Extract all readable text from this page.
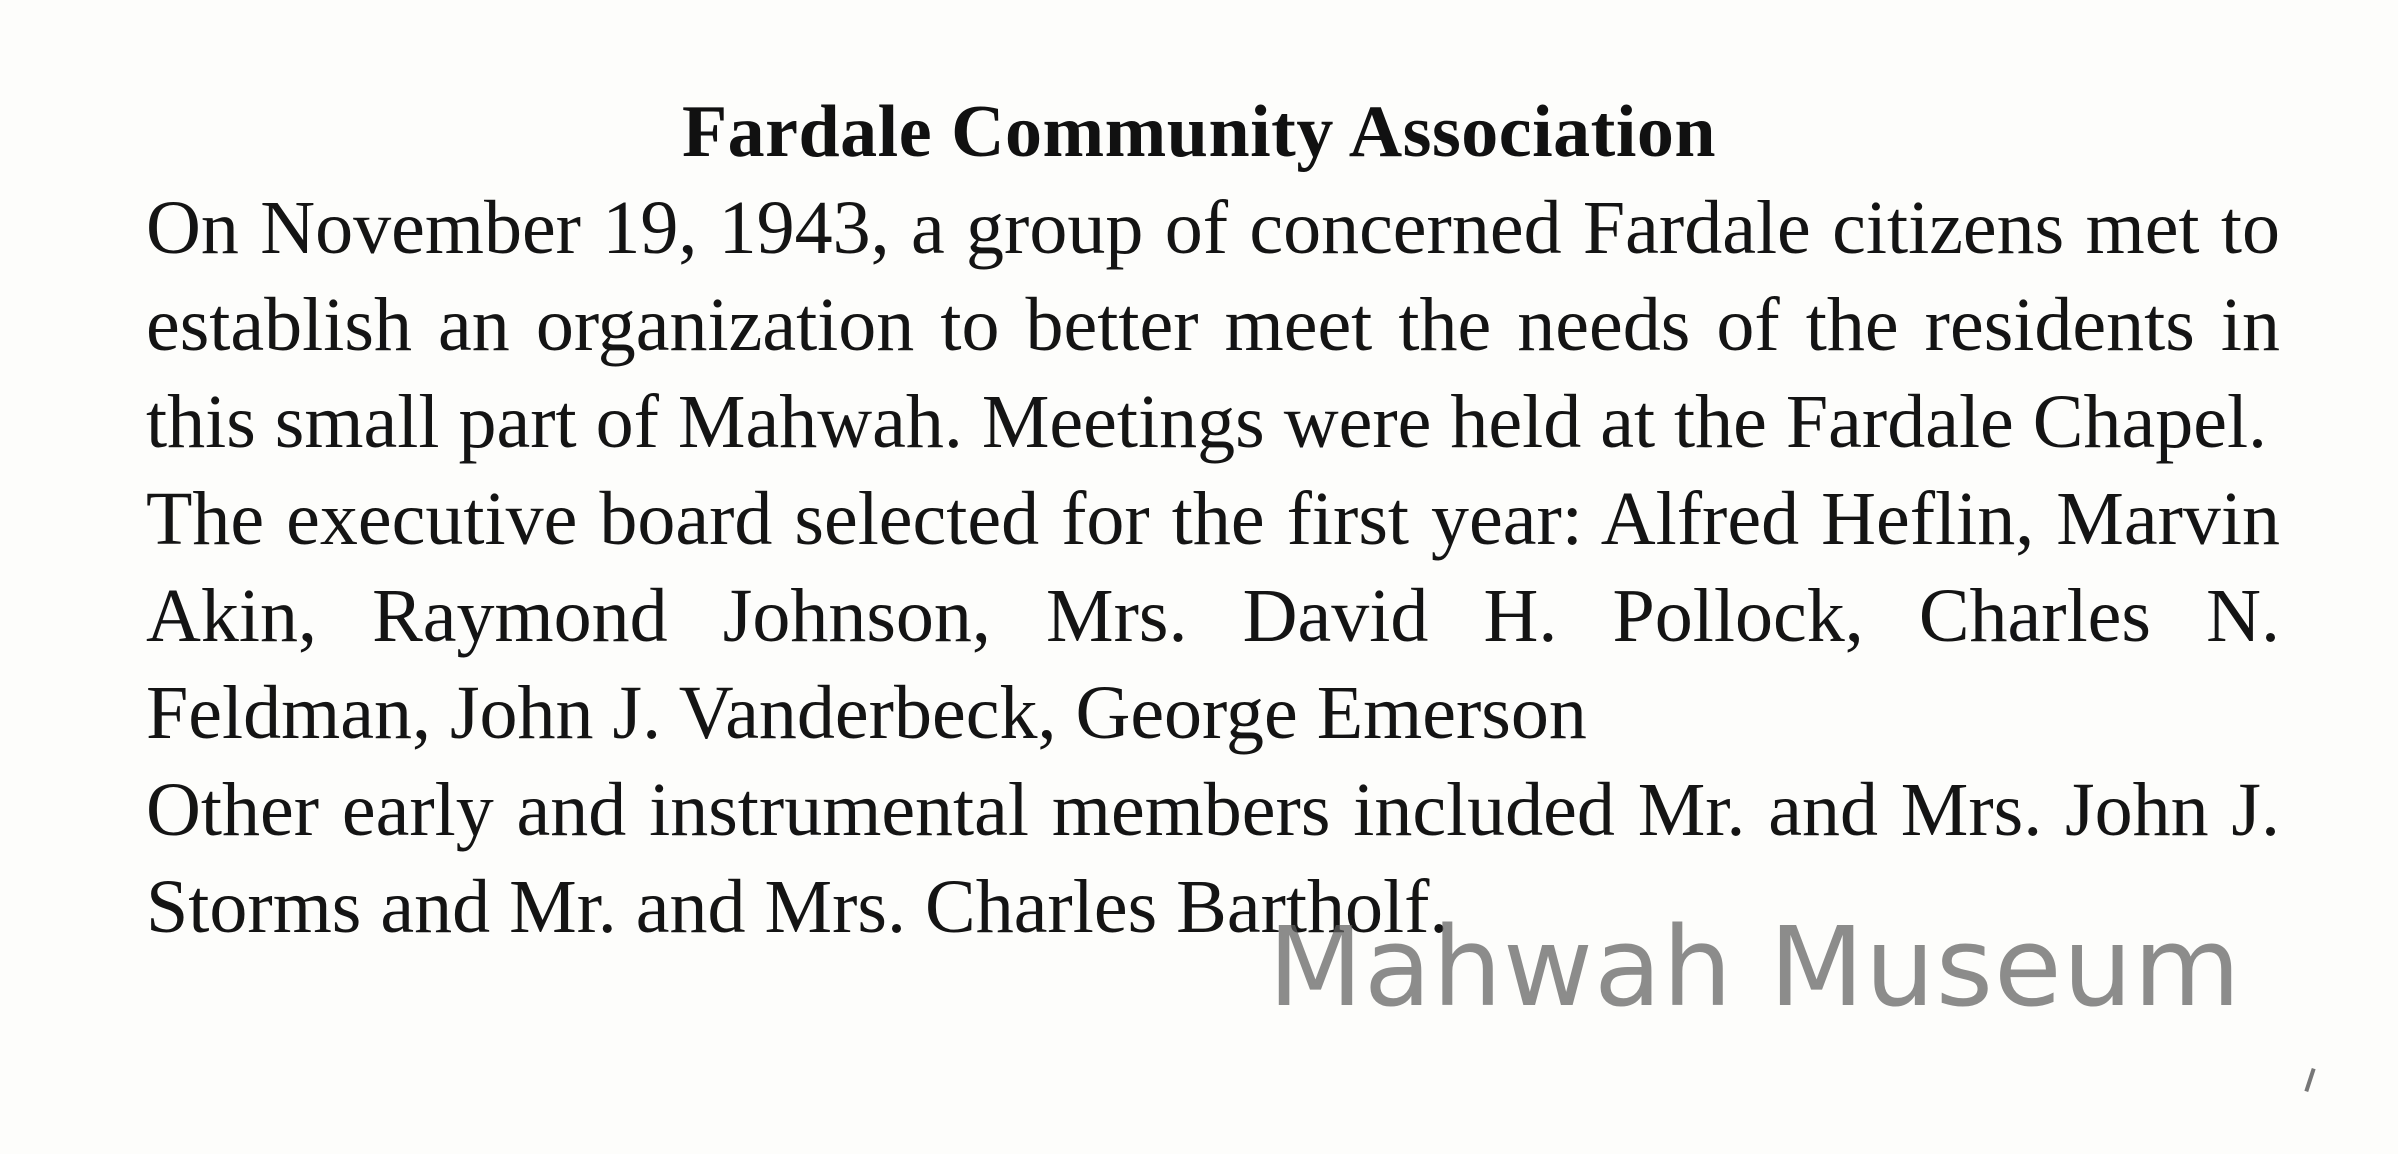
Fardale Community Association

On November 19, 1943, a group of concerned Fardale citizens met to establish an organization to better meet the needs of the residents in this small part of Mahwah. Meetings were held at the Fardale Chapel.

The executive board selected for the first year: Alfred Heflin, Marvin Akin, Raymond Johnson, Mrs. David H. Pollock, Charles N. Feldman, John J. Vanderbeck, George Emerson

Other early and instrumental members included Mr. and Mrs. John J. Storms and Mr. and Mrs. Charles Bartholf.

Mahwah Museum
